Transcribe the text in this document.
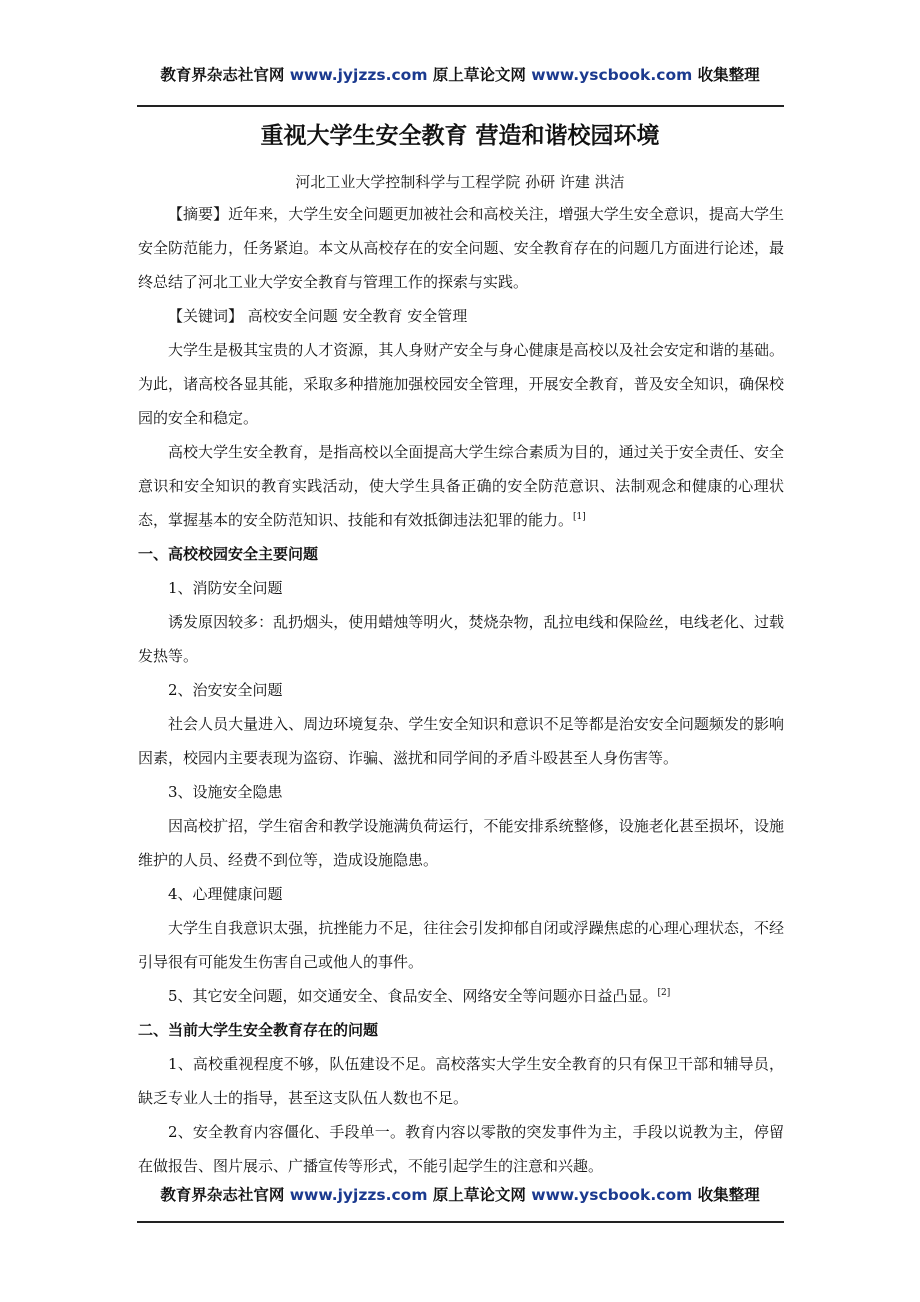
教育界杂志社官网 www.jyjzzs.com 原上草论文网 www.yscbook.com 收集整理
重视大学生安全教育 营造和谐校园环境
河北工业大学控制科学与工程学院 孙研 许建 洪洁

【摘要】近年来，大学生安全问题更加被社会和高校关注，增强大学生安全意识，提高大学生安全防范能力，任务紧迫。本文从高校存在的安全问题、安全教育存在的问题几方面进行论述，最终总结了河北工业大学安全教育与管理工作的探索与实践。

【关键词】 高校安全问题 安全教育 安全管理

大学生是极其宝贵的人才资源，其人身财产安全与身心健康是高校以及社会安定和谐的基础。为此，诸高校各显其能，采取多种措施加强校园安全管理，开展安全教育，普及安全知识，确保校园的安全和稳定。

高校大学生安全教育，是指高校以全面提高大学生综合素质为目的，通过关于安全责任、安全意识和安全知识的教育实践活动，使大学生具备正确的安全防范意识、法制观念和健康的心理状态，掌握基本的安全防范知识、技能和有效抵御违法犯罪的能力。[1]

一、高校校园安全主要问题

1、消防安全问题

诱发原因较多：乱扔烟头，使用蜡烛等明火，焚烧杂物，乱拉电线和保险丝，电线老化、过载发热等。

2、治安安全问题

社会人员大量进入、周边环境复杂、学生安全知识和意识不足等都是治安安全问题频发的影响因素，校园内主要表现为盗窃、诈骗、滋扰和同学间的矛盾斗殴甚至人身伤害等。

3、设施安全隐患

因高校扩招，学生宿舍和教学设施满负荷运行，不能安排系统整修，设施老化甚至损坏，设施维护的人员、经费不到位等，造成设施隐患。

4、心理健康问题

大学生自我意识太强，抗挫能力不足，往往会引发抑郁自闭或浮躁焦虑的心理心理状态，不经引导很有可能发生伤害自己或他人的事件。

5、其它安全问题，如交通安全、食品安全、网络安全等问题亦日益凸显。[2]

二、当前大学生安全教育存在的问题

1、高校重视程度不够，队伍建设不足。高校落实大学生安全教育的只有保卫干部和辅导员，缺乏专业人士的指导，甚至这支队伍人数也不足。

2、安全教育内容僵化、手段单一。教育内容以零散的突发事件为主，手段以说教为主，停留在做报告、图片展示、广播宣传等形式，不能引起学生的注意和兴趣。

教育界杂志社官网 www.jyjzzs.com 原上草论文网 www.yscbook.com 收集整理
